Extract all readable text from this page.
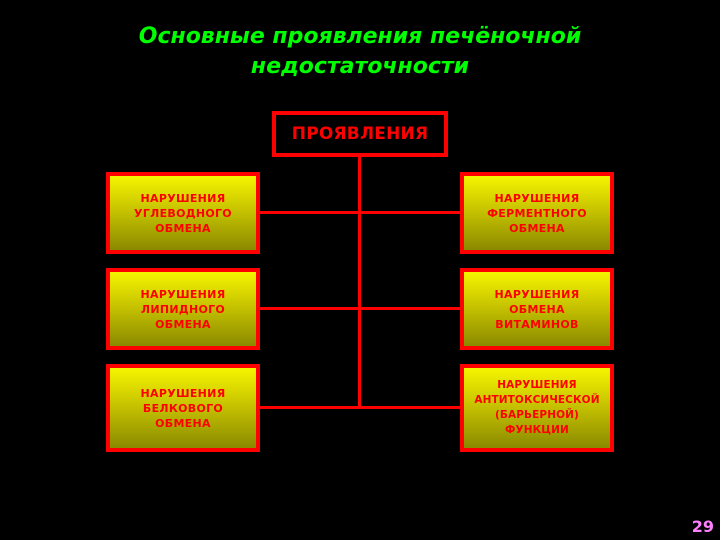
Основные проявления печёночной
недостаточности
ПРОЯВЛЕНИЯ
НАРУШЕНИЯ
УГЛЕВОДНОГО
ОБМЕНА
НАРУШЕНИЯ
ЛИПИДНОГО
ОБМЕНА
НАРУШЕНИЯ
БЕЛКОВОГО
ОБМЕНА
НАРУШЕНИЯ
ФЕРМЕНТНОГО
ОБМЕНА
НАРУШЕНИЯ
ОБМЕНА
ВИТАМИНОВ
НАРУШЕНИЯ
АНТИТОКСИЧЕСКОЙ
(БАРЬЕРНОЙ)
ФУНКЦИИ
29
